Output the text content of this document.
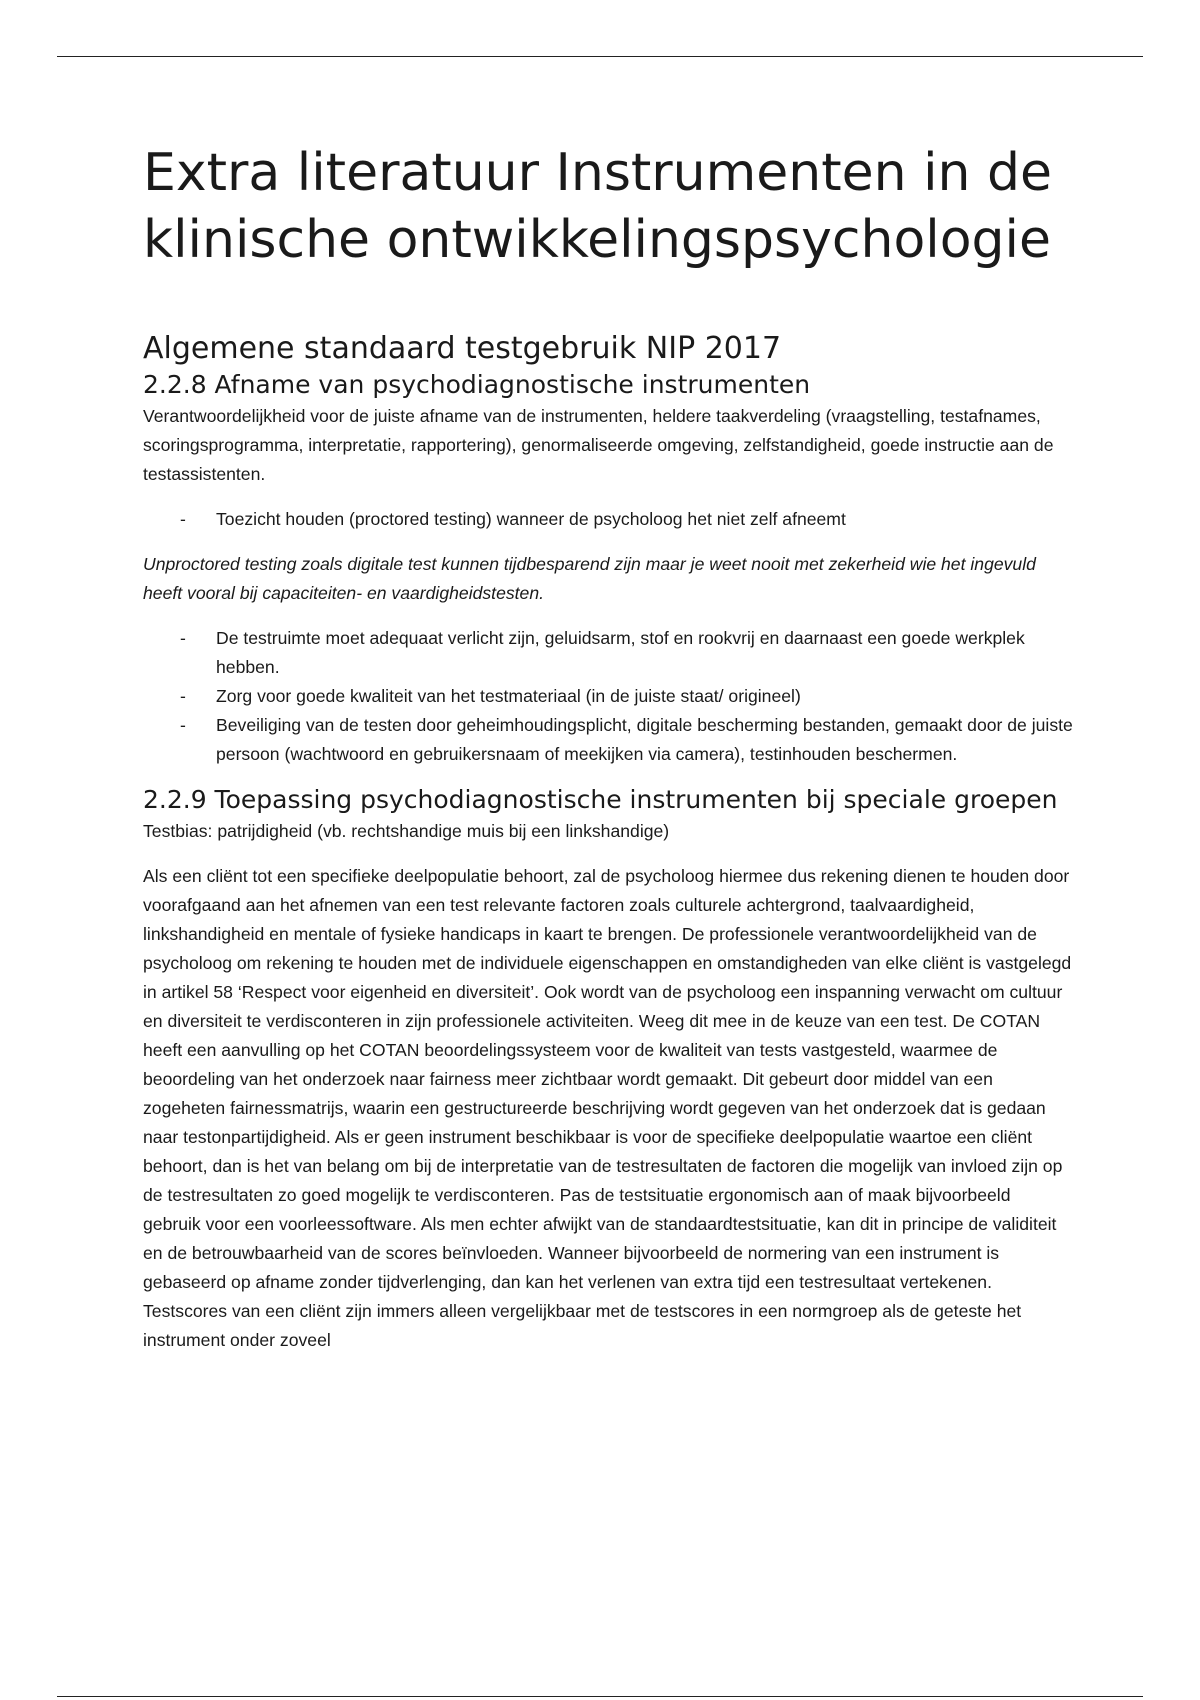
Extra literatuur Instrumenten in de klinische ontwikkelingspsychologie
Algemene standaard testgebruik NIP 2017
2.2.8 Afname van psychodiagnostische instrumenten

Verantwoordelijkheid voor de juiste afname van de instrumenten, heldere taakverdeling (vraagstelling, testafnames, scoringsprogramma, interpretatie, rapportering), genormaliseerde omgeving, zelfstandigheid, goede instructie aan de testassistenten.

- Toezicht houden (proctored testing) wanneer de psycholoog het niet zelf afneemt

Unproctored testing zoals digitale test kunnen tijdbesparend zijn maar je weet nooit met zekerheid wie het ingevuld heeft vooral bij capaciteiten- en vaardigheidstesten.

- De testruimte moet adequaat verlicht zijn, geluidsarm, stof en rookvrij en daarnaast een goede werkplek hebben.
- Zorg voor goede kwaliteit van het testmateriaal (in de juiste staat/ origineel)
- Beveiliging van de testen door geheimhoudingsplicht, digitale bescherming bestanden, gemaakt door de juiste persoon (wachtwoord en gebruikersnaam of meekijken via camera), testinhouden beschermen.
2.2.9 Toepassing psychodiagnostische instrumenten bij speciale groepen

Testbias: patrijdigheid (vb. rechtshandige muis bij een linkshandige)

Als een cliënt tot een specifieke deelpopulatie behoort, zal de psycholoog hiermee dus rekening dienen te houden door voorafgaand aan het afnemen van een test relevante factoren zoals culturele achtergrond, taalvaardigheid, linkshandigheid en mentale of fysieke handicaps in kaart te brengen. De professionele verantwoordelijkheid van de psycholoog om rekening te houden met de individuele eigenschappen en omstandigheden van elke cliënt is vastgelegd in artikel 58 ‘Respect voor eigenheid en diversiteit’. Ook wordt van de psycholoog een inspanning verwacht om cultuur en diversiteit te verdisconteren in zijn professionele activiteiten. Weeg dit mee in de keuze van een test. De COTAN heeft een aanvulling op het COTAN beoordelingssysteem voor de kwaliteit van tests vastgesteld, waarmee de beoordeling van het onderzoek naar fairness meer zichtbaar wordt gemaakt. Dit gebeurt door middel van een zogeheten fairnessmatrijs, waarin een gestructureerde beschrijving wordt gegeven van het onderzoek dat is gedaan naar testonpartijdigheid. Als er geen instrument beschikbaar is voor de specifieke deelpopulatie waartoe een cliënt behoort, dan is het van belang om bij de interpretatie van de testresultaten de factoren die mogelijk van invloed zijn op de testresultaten zo goed mogelijk te verdisconteren. Pas de testsituatie ergonomisch aan of maak bijvoorbeeld gebruik voor een voorleessoftware. Als men echter afwijkt van de standaardtestsituatie, kan dit in principe de validiteit en de betrouwbaarheid van de scores beïnvloeden. Wanneer bijvoorbeeld de normering van een instrument is gebaseerd op afname zonder tijdverlenging, dan kan het verlenen van extra tijd een testresultaat vertekenen. Testscores van een cliënt zijn immers alleen vergelijkbaar met de testscores in een normgroep als de geteste het instrument onder zoveel
